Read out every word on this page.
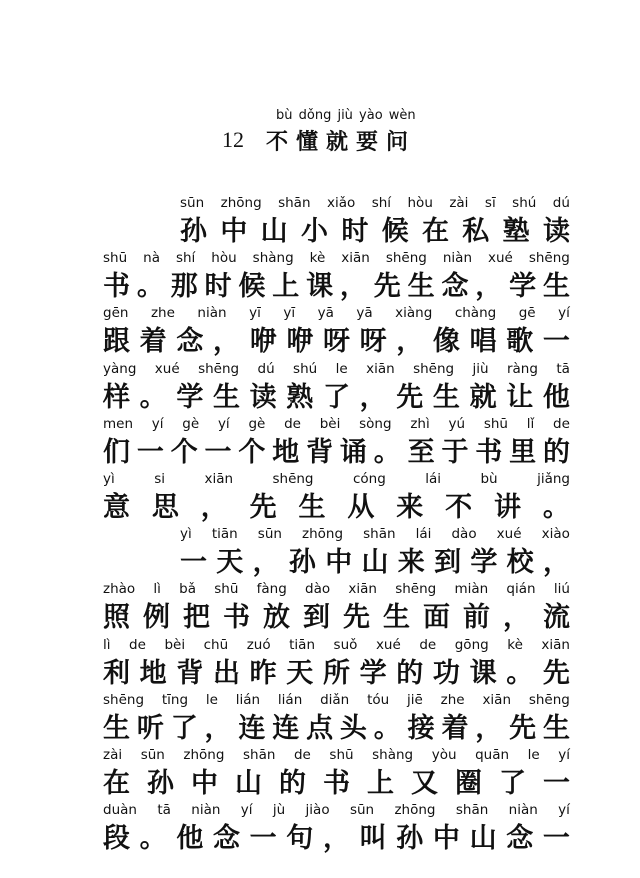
bù dǒng jiù yào wèn
12 不懂就要问
sūn zhōng shān xiǎo shí hòu zài sī shú dú
孙 中 山 小 时 候 在 私 塾 读
shū nà shí hòu shàng kè xiān shēng niàn xué shēng
书 。 那 时 候 上 课 ， 先 生 念 ， 学 生
gēn zhe niàn yī yī yā yā xiàng chàng gē yí
跟 着 念 ， 咿 咿 呀 呀 ， 像 唱 歌 一
yàng xué shēng dú shú le xiān shēng jiù ràng tā
样 。 学 生 读 熟 了 ， 先 生 就 让 他
men yí gè yí gè de bèi sòng zhì yú shū lǐ de
们 一 个 一 个 地 背 诵 。 至 于 书 里 的
yì	si	xiān	shēng	cóng	lái	bù	jiǎng
意 思 ， 先 生 从 来 不 讲 。
yì tiān sūn zhōng shān lái dào xué xiào
一 天 ， 孙 中 山 来 到 学 校 ，
zhào lì bǎ shū fàng dào xiān shēng miàn qián liú
照 例 把 书 放 到 先 生 面 前 ， 流
lì de bèi chū zuó tiān suǒ xué de gōng kè xiān
利 地 背 出 昨 天 所 学 的 功 课 。 先
shēng tīng le lián lián diǎn tóu jiē zhe xiān shēng
生 听 了 ， 连 连 点 头 。 接 着 ， 先 生
zài sūn zhōng shān de shū shàng yòu quān le yí
在 孙 中 山 的 书 上 又 圈 了 一
duàn tā niàn yí jù jiào sūn zhōng shān niàn yí
段 。 他 念 一 句 ， 叫 孙 中 山 念 一
